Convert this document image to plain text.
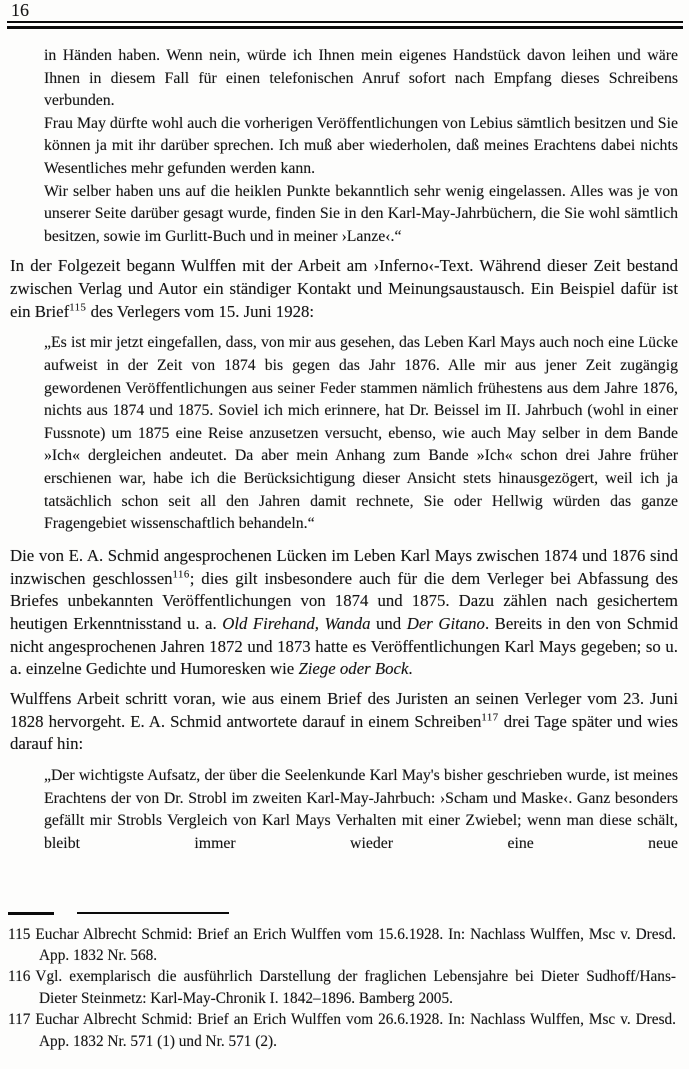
16

in Händen haben. Wenn nein, würde ich Ihnen mein eigenes Handstück davon leihen und wäre Ihnen in diesem Fall für einen telefonischen Anruf sofort nach Empfang dieses Schreibens verbunden.

Frau May dürfte wohl auch die vorherigen Veröffentlichungen von Lebius sämtlich besitzen und Sie können ja mit ihr darüber sprechen. Ich muß aber wiederholen, daß meines Erachtens dabei nichts Wesentliches mehr gefunden werden kann.

Wir selber haben uns auf die heiklen Punkte bekanntlich sehr wenig eingelassen. Alles was je von unserer Seite darüber gesagt wurde, finden Sie in den Karl-May-Jahrbüchern, die Sie wohl sämtlich besitzen, sowie im Gurlitt-Buch und in meiner ›Lanze‹.“

In der Folgezeit begann Wulffen mit der Arbeit am ›Inferno‹-Text. Während dieser Zeit bestand zwischen Verlag und Autor ein ständiger Kontakt und Meinungsaustausch. Ein Beispiel dafür ist ein Brief$^{115}$ des Verlegers vom 15. Juni 1928:

„Es ist mir jetzt eingefallen, dass, von mir aus gesehen, das Leben Karl Mays auch noch eine Lücke aufweist in der Zeit von 1874 bis gegen das Jahr 1876. Alle mir aus jener Zeit zugängig gewordenen Veröffentlichungen aus seiner Feder stammen nämlich frühestens aus dem Jahre 1876, nichts aus 1874 und 1875. Soviel ich mich erinnere, hat Dr. Beissel im II. Jahrbuch (wohl in einer Fussnote) um 1875 eine Reise anzusetzen versucht, ebenso, wie auch May selber in dem Bande »Ich« dergleichen andeutet. Da aber mein Anhang zum Bande »Ich« schon drei Jahre früher erschienen war, habe ich die Berücksichtigung dieser Ansicht stets hinausgezögert, weil ich ja tatsächlich schon seit all den Jahren damit rechnete, Sie oder Hellwig würden das ganze Fragengebiet wissenschaftlich behandeln.“

Die von E. A. Schmid angesprochenen Lücken im Leben Karl Mays zwischen 1874 und 1876 sind inzwischen geschlossen$^{116}$; dies gilt insbesondere auch für die dem Verleger bei Abfassung des Briefes unbekannten Veröffentlichungen von 1874 und 1875. Dazu zählen nach gesichertem heutigen Erkenntnisstand u. a. Old Firehand, Wanda und Der Gitano. Bereits in den von Schmid nicht angesprochenen Jahren 1872 und 1873 hatte es Veröffentlichungen Karl Mays gegeben; so u. a. einzelne Gedichte und Humoresken wie Ziege oder Bock.

Wulffens Arbeit schritt voran, wie aus einem Brief des Juristen an seinen Verleger vom 23. Juni 1828 hervorgeht. E. A. Schmid antwortete darauf in einem Schreiben$^{117}$ drei Tage später und wies darauf hin:

„Der wichtigste Aufsatz, der über die Seelenkunde Karl May's bisher geschrieben wurde, ist meines Erachtens der von Dr. Strobl im zweiten Karl-May-Jahrbuch: ›Scham und Maske‹. Ganz besonders gefällt mir Strobls Vergleich von Karl Mays Verhalten mit einer Zwiebel; wenn man diese schält, bleibt immer wieder eine neue

115 Euchar Albrecht Schmid: Brief an Erich Wulffen vom 15.6.1928. In: Nachlass Wulffen, Msc v. Dresd. App. 1832 Nr. 568.
116 Vgl. exemplarisch die ausführlich Darstellung der fraglichen Lebensjahre bei Dieter Sudhoff/Hans-Dieter Steinmetz: Karl-May-Chronik I. 1842–1896. Bamberg 2005.
117 Euchar Albrecht Schmid: Brief an Erich Wulffen vom 26.6.1928. In: Nachlass Wulffen, Msc v. Dresd. App. 1832 Nr. 571 (1) und Nr. 571 (2).
